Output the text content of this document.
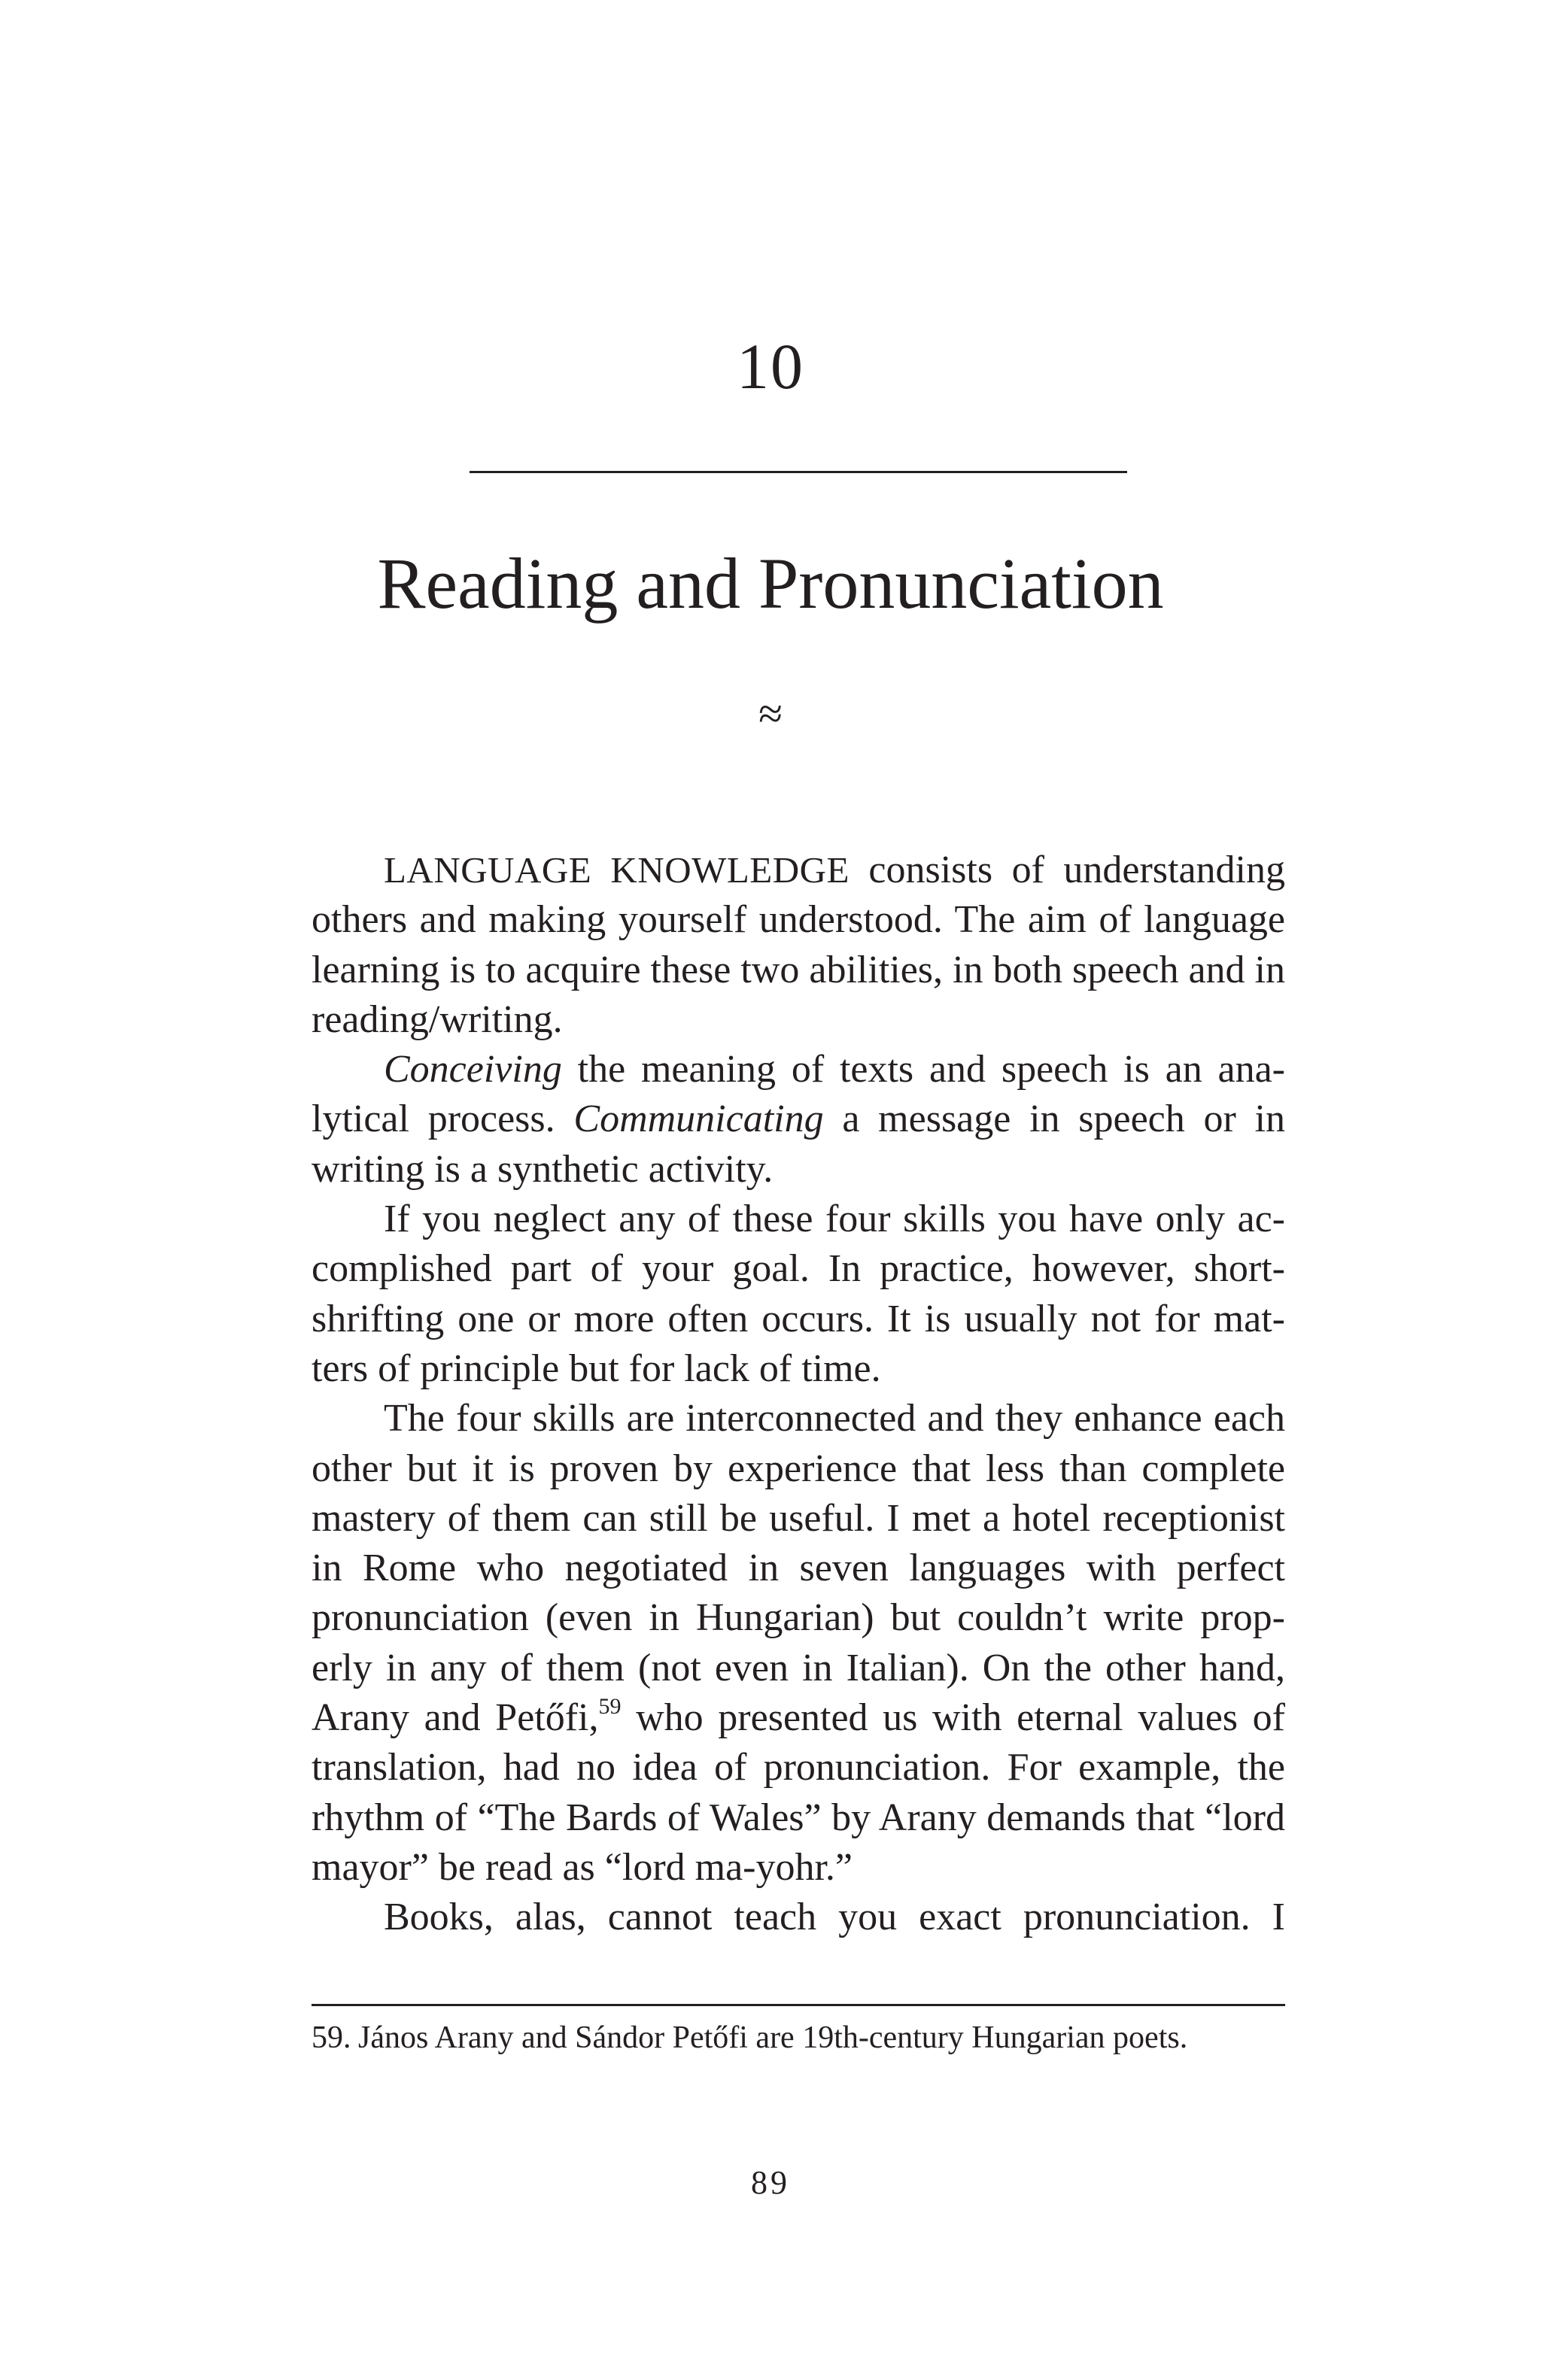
10
Reading and Pronunciation
≈

LANGUAGE KNOWLEDGE consists of understanding others and making yourself understood. The aim of language learning is to acquire these two abilities, in both speech and in reading/writing.

Conceiving the meaning of texts and speech is an analytical process. Communicating a message in speech or in writing is a synthetic activity.

If you neglect any of these four skills you have only accomplished part of your goal. In practice, however, short-shrifting one or more often occurs. It is usually not for matters of principle but for lack of time.

The four skills are interconnected and they enhance each other but it is proven by experience that less than complete mastery of them can still be useful. I met a hotel receptionist in Rome who negotiated in seven languages with perfect pronunciation (even in Hungarian) but couldn’t write properly in any of them (not even in Italian). On the other hand, Arany and Petőfi,$^{59}$ who presented us with eternal values of translation, had no idea of pronunciation. For example, the rhythm of “The Bards of Wales” by Arany demands that “lord mayor” be read as “lord ma-yohr.”

Books, alas, cannot teach you exact pronunciation. I

59. János Arany and Sándor Petőfi are 19th-century Hungarian poets.
89
